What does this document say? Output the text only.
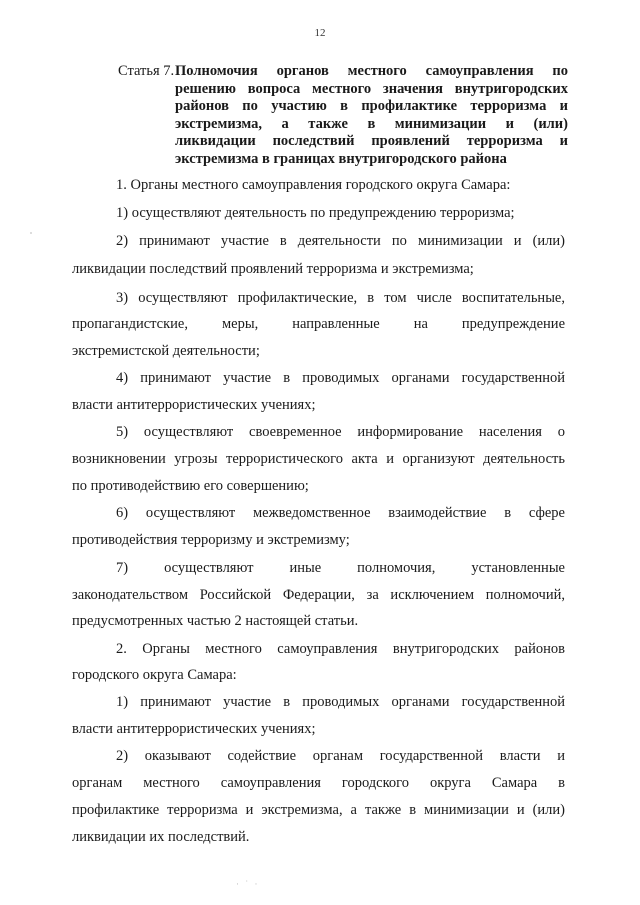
12
Статья 7. Полномочия органов местного самоуправления по
решению вопроса местного значения внутригородских
районов по участию в профилактике терроризма и
экстремизма, а также в минимизации и (или)
ликвидации последствий проявлений терроризма и
экстремизма в границах внутригородского района
1. Органы местного самоуправления городского округа Самара:
1) осуществляют деятельность по предупреждению терроризма;
2) принимают участие в деятельности по минимизации и (или)
ликвидации последствий проявлений терроризма и экстремизма;
3) осуществляют профилактические, в том числе воспитательные,
пропагандистские, меры, направленные на предупреждение
экстремистской деятельности;
4) принимают участие в проводимых органами государственной
власти антитеррористических учениях;
5) осуществляют своевременное информирование населения о
возникновении угрозы террористического акта и организуют деятельность
по противодействию его совершению;
6) осуществляют межведомственное взаимодействие в сфере
противодействия терроризму и экстремизму;
7) осуществляют иные полномочия, установленные
законодательством Российской Федерации, за исключением полномочий,
предусмотренных частью 2 настоящей статьи.
2. Органы местного самоуправления внутригородских районов
городского округа Самара:
1) принимают участие в проводимых органами государственной
власти антитеррористических учениях;
2) оказывают содействие органам государственной власти и
органам местного самоуправления городского округа Самара в
профилактике терроризма и экстремизма, а также в минимизации и (или)
ликвидации их последствий.
· ˙ ·
